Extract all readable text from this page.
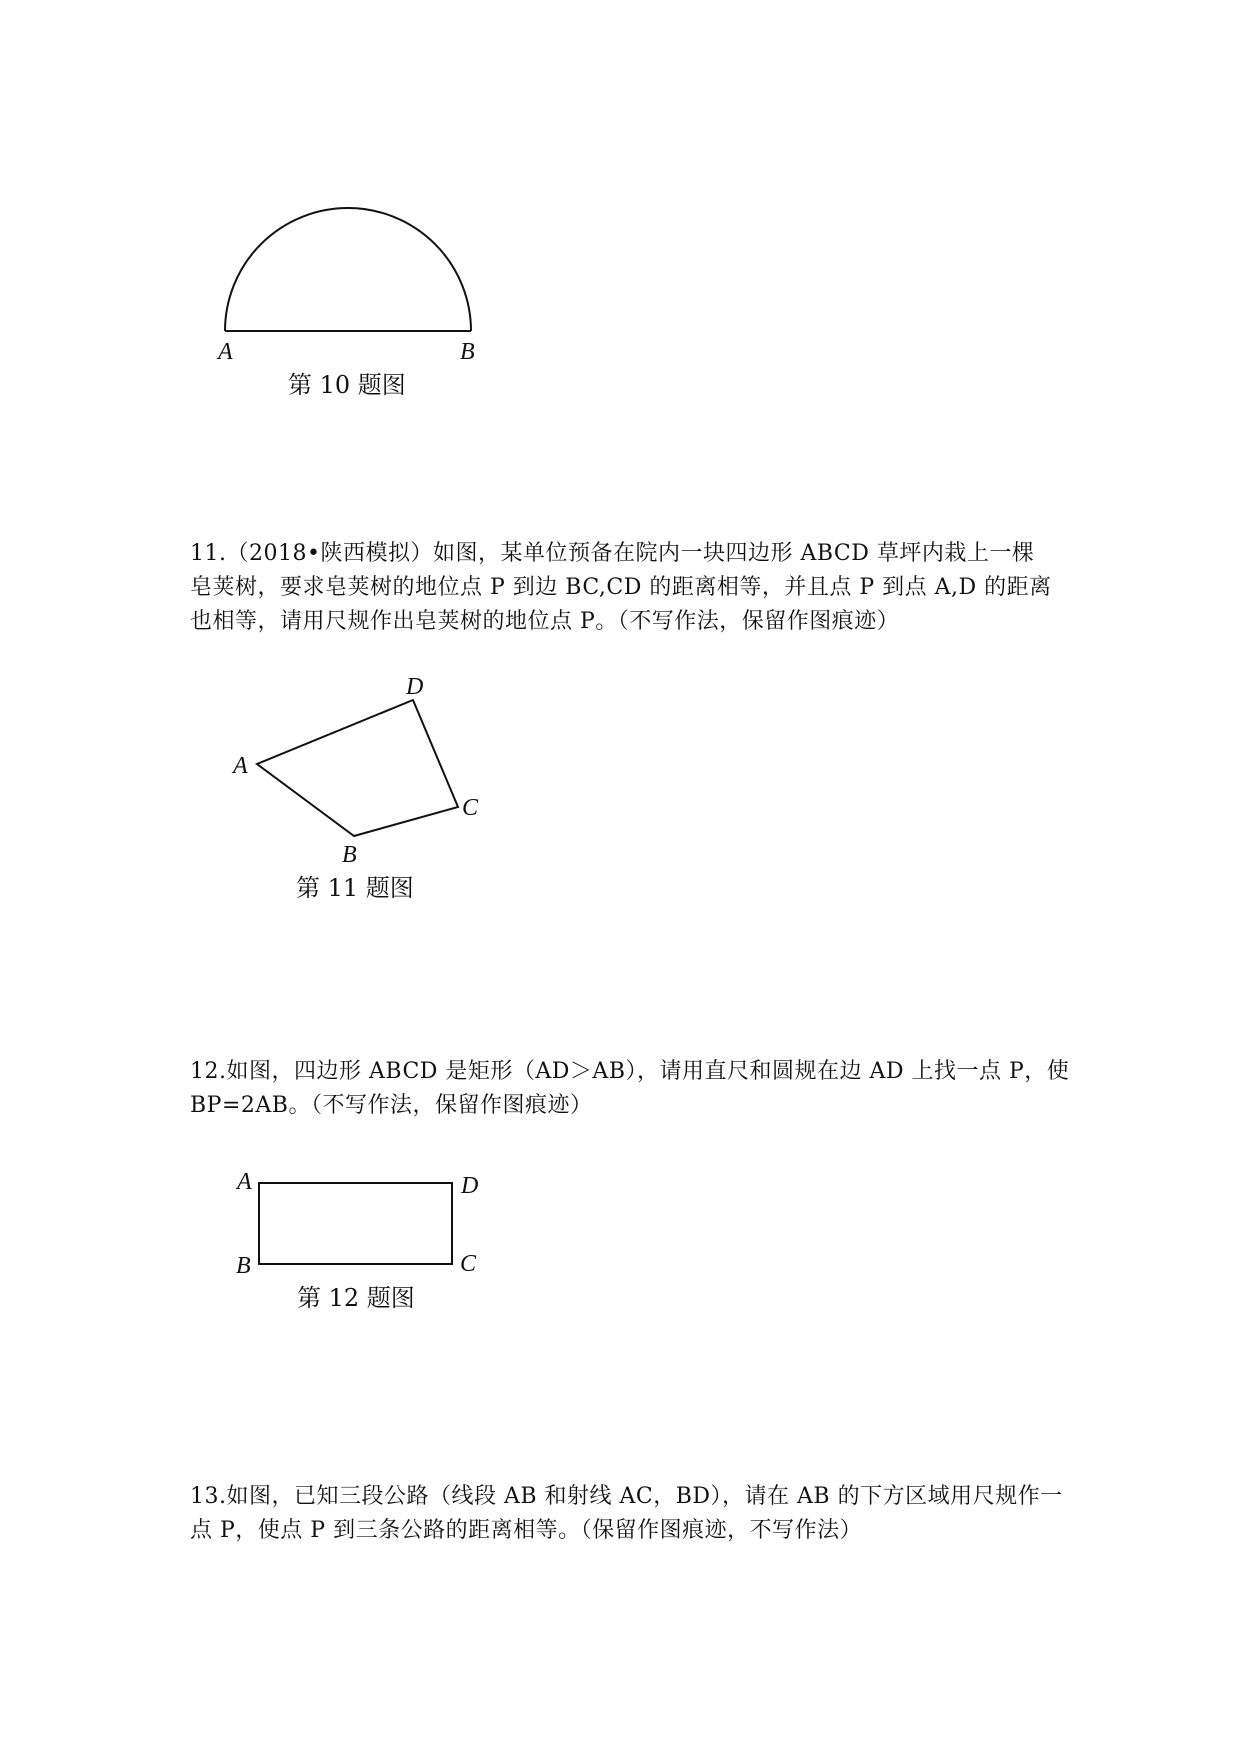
A	B
第 10 题图

11.（2018•陕西模拟）如图，某单位预备在院内一块四边形 ABCD 草坪内栽上一棵

皂荚树，要求皂荚树的地位点 P 到边 BC,CD 的距离相等，并且点 P 到点 A,D 的距离

也相等，请用尺规作出皂荚树的地位点 P。（不写作法，保留作图痕迹）

A
D
C
B
第 11 题图

12.如图，四边形 ABCD 是矩形（AD＞AB），请用直尺和圆规在边 AD 上找一点 P，使

BP=2AB。（不写作法，保留作图痕迹）

A	D
B	C
第 12 题图

13.如图，已知三段公路（线段 AB 和射线 AC，BD），请在 AB 的下方区域用尺规作一

点 P，使点 P 到三条公路的距离相等。（保留作图痕迹，不写作法）
